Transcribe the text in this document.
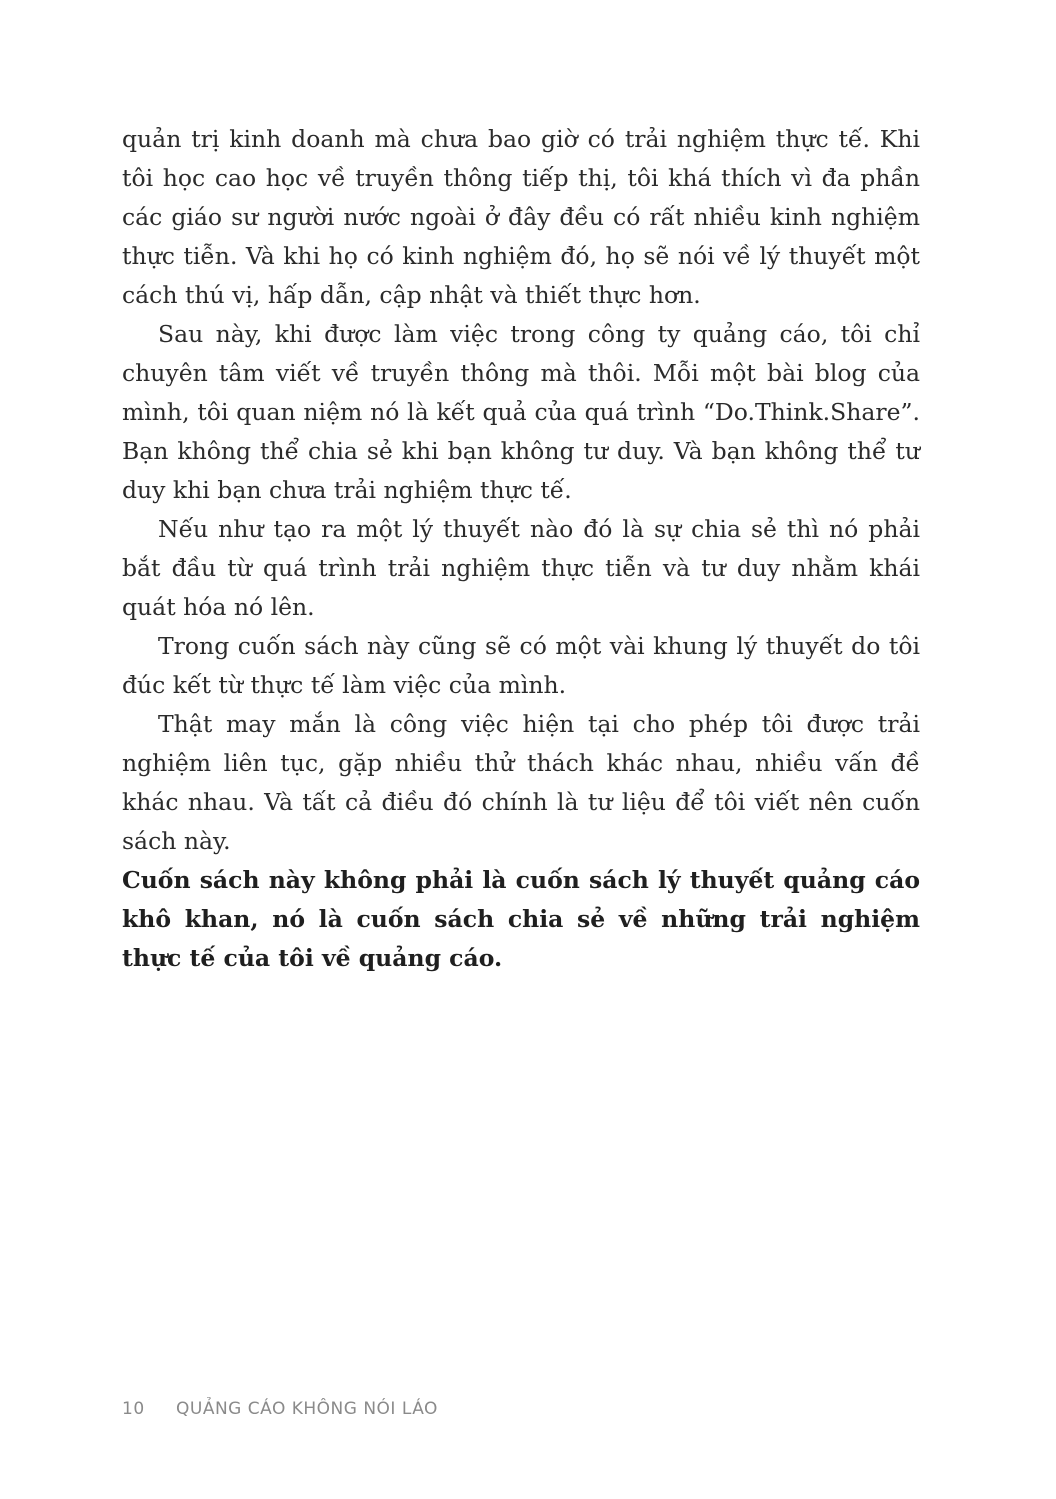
quản trị kinh doanh mà chưa bao giờ có trải nghiệm thực tế. Khi tôi học cao học về truyền thông tiếp thị, tôi khá thích vì đa phần các giáo sư người nước ngoài ở đây đều có rất nhiều kinh nghiệm thực tiễn. Và khi họ có kinh nghiệm đó, họ sẽ nói về lý thuyết một cách thú vị, hấp dẫn, cập nhật và thiết thực hơn.

Sau này, khi được làm việc trong công ty quảng cáo, tôi chỉ chuyên tâm viết về truyền thông mà thôi. Mỗi một bài blog của mình, tôi quan niệm nó là kết quả của quá trình “Do.Think.Share”. Bạn không thể chia sẻ khi bạn không tư duy. Và bạn không thể tư duy khi bạn chưa trải nghiệm thực tế.

Nếu như tạo ra một lý thuyết nào đó là sự chia sẻ thì nó phải bắt đầu từ quá trình trải nghiệm thực tiễn và tư duy nhằm khái quát hóa nó lên.

Trong cuốn sách này cũng sẽ có một vài khung lý thuyết do tôi đúc kết từ thực tế làm việc của mình.

Thật may mắn là công việc hiện tại cho phép tôi được trải nghiệm liên tục, gặp nhiều thử thách khác nhau, nhiều vấn đề khác nhau. Và tất cả điều đó chính là tư liệu để tôi viết nên cuốn sách này.

Cuốn sách này không phải là cuốn sách lý thuyết quảng cáo khô khan, nó là cuốn sách chia sẻ về những trải nghiệm thực tế của tôi về quảng cáo.

10 QUẢNG CÁO KHÔNG NÓI LÁO
